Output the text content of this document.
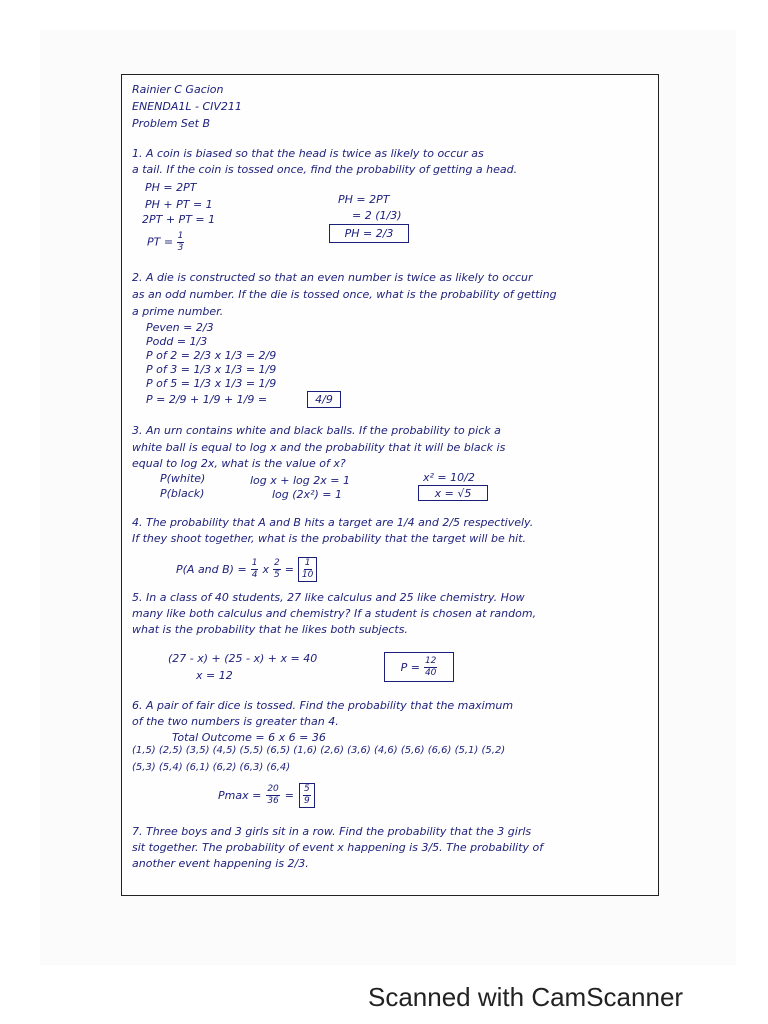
Rainier C Gacion
ENENDA1L - CIV211
Problem Set B
1. A coin is biased so that the head is twice as likely to occur as
a tail. If the coin is tossed once, find the probability of getting a head.
PH = 2PT
PH + PT = 1
2PT + PT = 1
PT = $\frac{1}{3}$
PH = 2PT
= 2 (1/3)
PH = 2/3
2. A die is constructed so that an even number is twice as likely to occur
as an odd number. If the die is tossed once, what is the probability of getting
a prime number.
Peven = 2/3
Podd = 1/3
P of 2 = 2/3 x 1/3 = 2/9
P of 3 = 1/3 x 1/3 = 1/9
P of 5 = 1/3 x 1/3 = 1/9
P = 2/9 + 1/9 + 1/9 =	4/9
3. An urn contains white and black balls. If the probability to pick a
white ball is equal to log x and the probability that it will be black is
equal to log 2x, what is the value of x?
P(white)
P(black)
log x + log 2x = 1
log (2x²) = 1
x² = 10/2
x = √5
4. The probability that A and B hits a target are 1/4 and 2/5 respectively.
If they shoot together, what is the probability that the target will be hit.
P(A and $B) = \frac{1}{4}$ x $\frac{2}{5} = \frac{1}{10}$
5. In a class of 40 students, 27 like calculus and 25 like chemistry. How
many like both calculus and chemistry? If a student is chosen at random,
what is the probability that he likes both subjects.
(27 - x) + (25 - x) + x = 40
x = 12
$P = \frac{12}{40}$
6. A pair of fair dice is tossed. Find the probability that the maximum
of the two numbers is greater than 4.
Total Outcome = 6 x 6 = 36
(1,5) (2,5) (3,5) (4,5) (5,5) (6,5) (1,6) (2,6) (3,6) (4,6) (5,6) (6,6) (5,1) (5,2)
(5,3) (5,4) (6,1) (6,2) (6,3) (6,4)
$Pmax = \frac{20}{36} = \frac{5}{9}$
7. Three boys and 3 girls sit in a row. Find the probability that the 3 girls
sit together. The probability of event x happening is 3/5. The probability of
another event happening is 2/3.
Scanned with CamScanner
